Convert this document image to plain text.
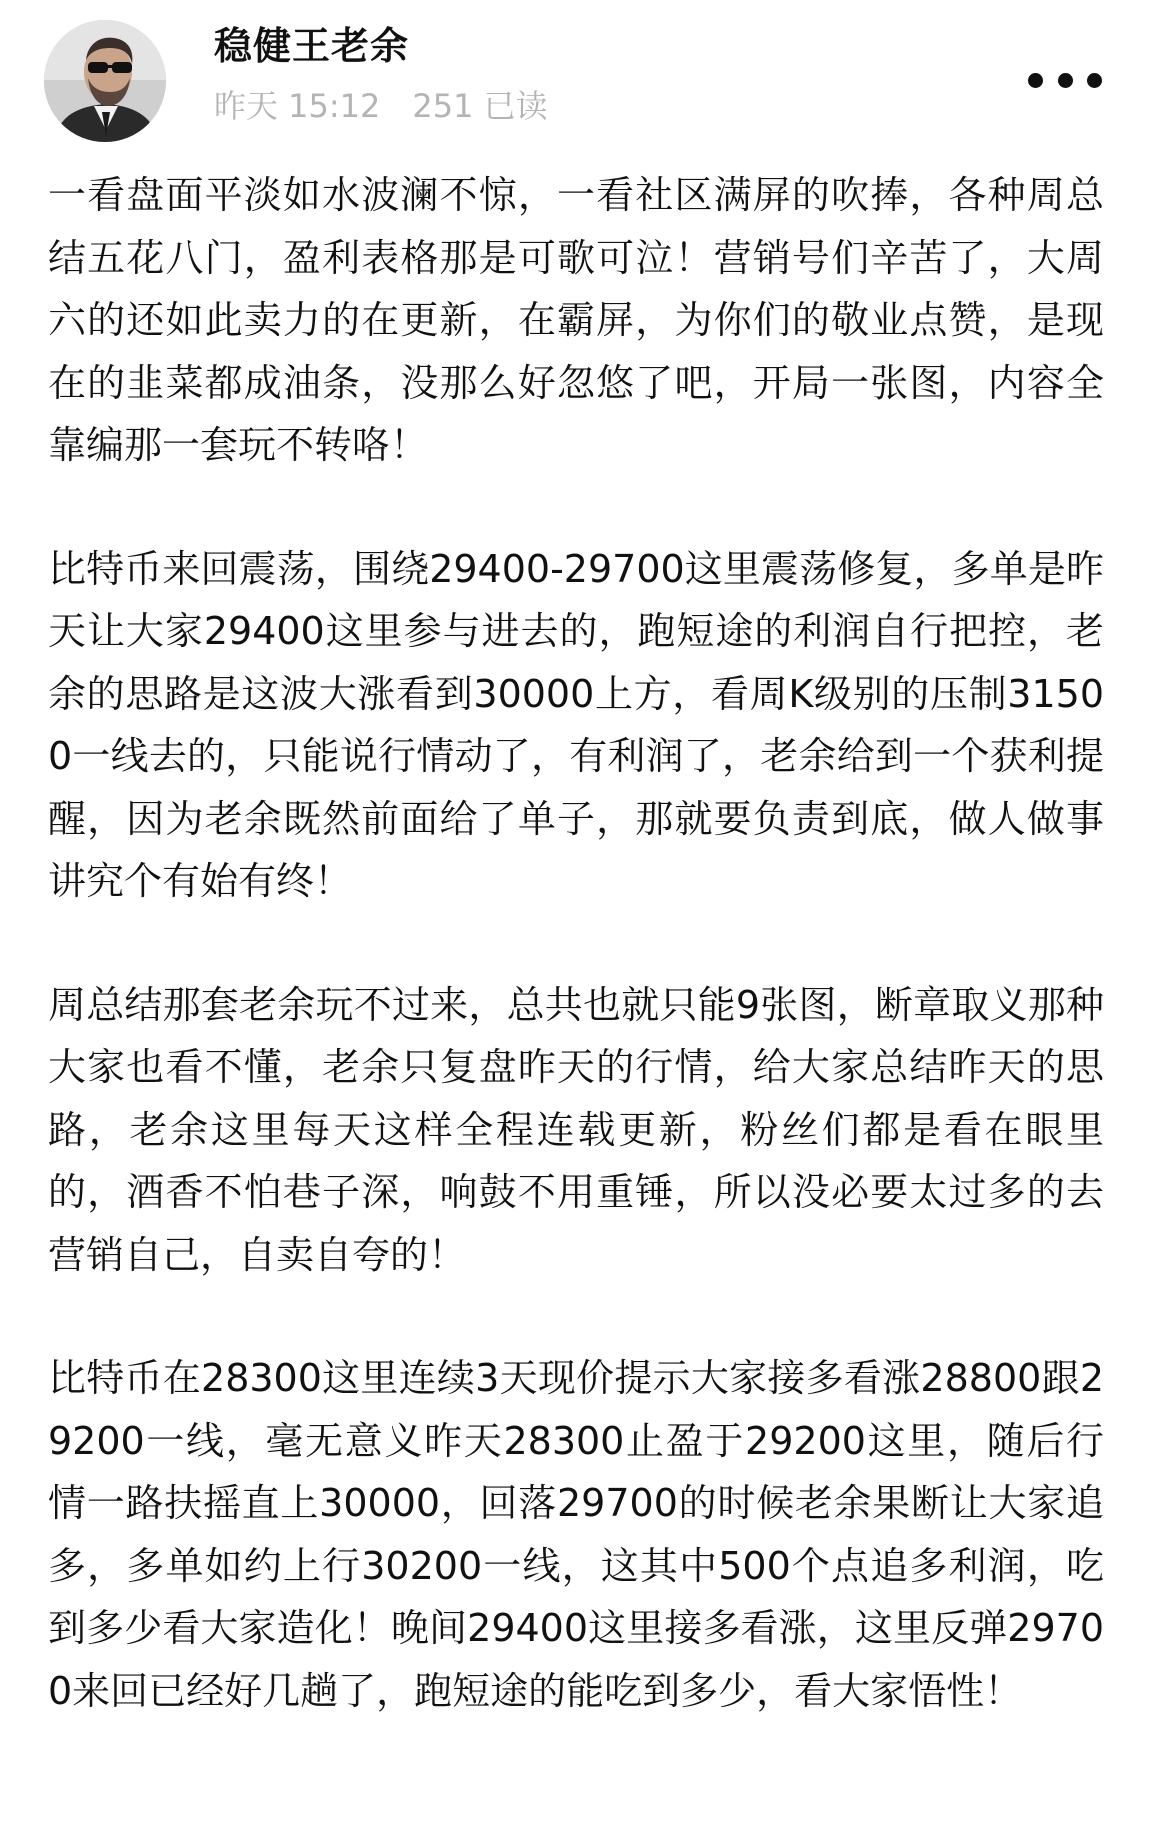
稳健王老余
昨天 15:12 251 已读

一看盘面平淡如水波澜不惊，一看社区满屏的吹捧，各种周总结五花八门，盈利表格那是可歌可泣！营销号们辛苦了，大周六的还如此卖力的在更新，在霸屏，为你们的敬业点赞，是现在的韭菜都成油条，没那么好忽悠了吧，开局一张图，内容全靠编那一套玩不转咯！

比特币来回震荡，围绕29400-29700这里震荡修复，多单是昨天让大家29400这里参与进去的，跑短途的利润自行把控，老余的思路是这波大涨看到30000上方，看周K级别的压制31500一线去的，只能说行情动了，有利润了，老余给到一个获利提醒，因为老余既然前面给了单子，那就要负责到底，做人做事讲究个有始有终！

周总结那套老余玩不过来，总共也就只能9张图，断章取义那种大家也看不懂，老余只复盘昨天的行情，给大家总结昨天的思路，老余这里每天这样全程连载更新，粉丝们都是看在眼里的，酒香不怕巷子深，响鼓不用重锤，所以没必要太过多的去营销自己，自卖自夸的！

比特币在28300这里连续3天现价提示大家接多看涨28800跟29200一线，毫无意义昨天28300止盈于29200这里，随后行情一路扶摇直上30000，回落29700的时候老余果断让大家追多，多单如约上行30200一线，这其中500个点追多利润，吃到多少看大家造化！晚间29400这里接多看涨，这里反弹29700来回已经好几趟了，跑短途的能吃到多少，看大家悟性！
